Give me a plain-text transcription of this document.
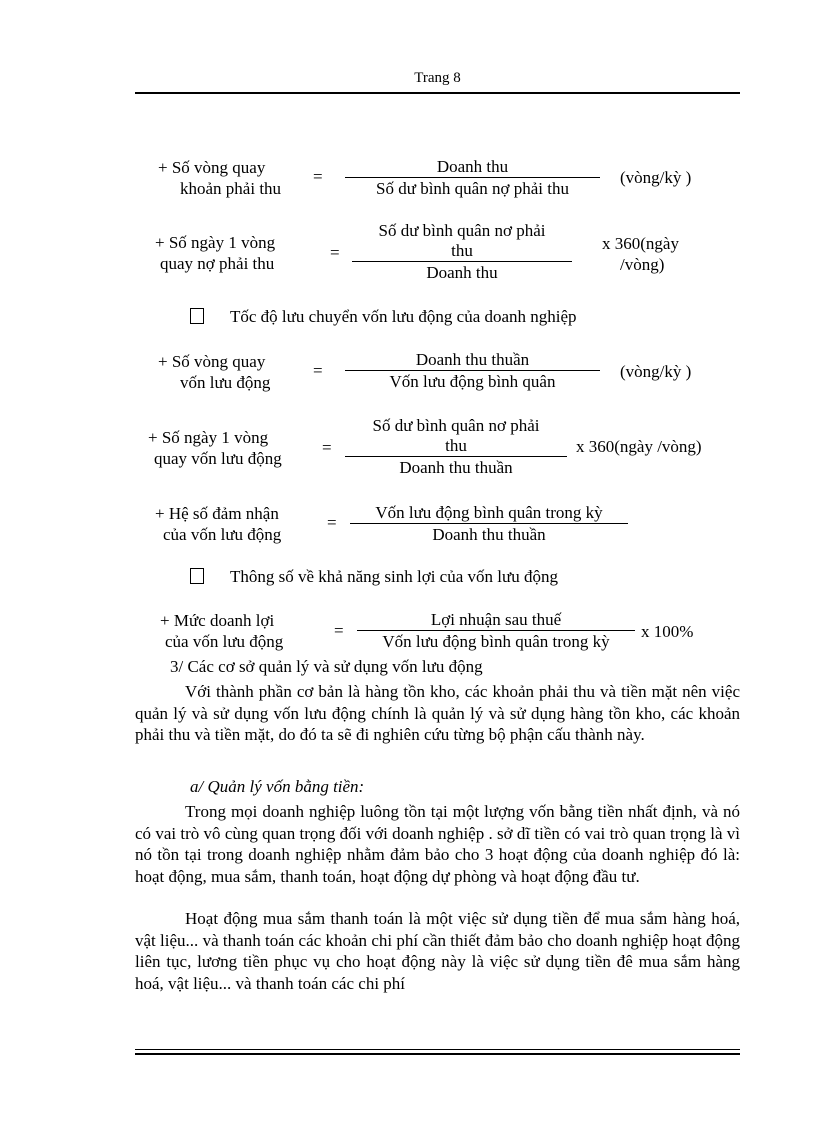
Trang 8
+ Số vòng quay
khoản phải thu
=
Doanh thu
Số dư bình quân nợ phải thu
(vòng/kỳ )
+ Số ngày 1 vòng
quay nợ phải thu
=
Số dư bình quân nơ phải
thu
Doanh thu
x 360(ngày
/vòng)
Tốc độ lưu chuyển vốn lưu động của doanh nghiệp
+ Số vòng quay
vốn lưu động
=
Doanh thu thuần
Vốn lưu động bình quân
(vòng/kỳ )
+ Số ngày 1 vòng
quay vốn lưu động
=
Số dư bình quân nơ phải
thu
Doanh thu thuần
x 360(ngày /vòng)
+ Hệ số đảm nhận
của vốn lưu động
=
Vốn lưu động bình quân trong kỳ
Doanh thu thuần
Thông số về khả năng sinh lợi của vốn lưu động
+ Mức doanh lợi
của vốn lưu động
=
Lợi nhuận sau thuế
Vốn lưu động bình quân trong kỳ
x 100%
3/ Các cơ sở quản lý và sử dụng vốn lưu động
Với thành phần cơ bản là hàng tồn kho, các khoản phải thu và tiền mặt nên việc quản lý và sử dụng vốn lưu động chính là quản lý và sử dụng hàng tồn kho, các khoản phải thu và tiền mặt, do đó ta sẽ đi nghiên cứu từng bộ phận cấu thành này.
a/ Quản lý vốn bằng tiền:
Trong mọi doanh nghiệp luông tồn tại một lượng vốn bằng tiền nhất định, và nó có vai trò vô cùng quan trọng đối với doanh nghiệp . sở dĩ tiền có vai trò quan trọng là vì nó tồn tại trong doanh nghiệp nhằm đảm bảo cho 3 hoạt động của doanh nghiệp đó là: hoạt động, mua sắm, thanh toán, hoạt động dự phòng và hoạt động đầu tư.
Hoạt động mua sắm thanh toán là một việc sử dụng tiền để mua sắm hàng hoá, vật liệu... và thanh toán các khoản chi phí cần thiết đảm bảo cho doanh nghiệp hoạt động liên tục, lương tiền phục vụ cho hoạt động này là việc sử dụng tiền đê mua sắm hàng hoá, vật liệu... và thanh toán các chi phí
